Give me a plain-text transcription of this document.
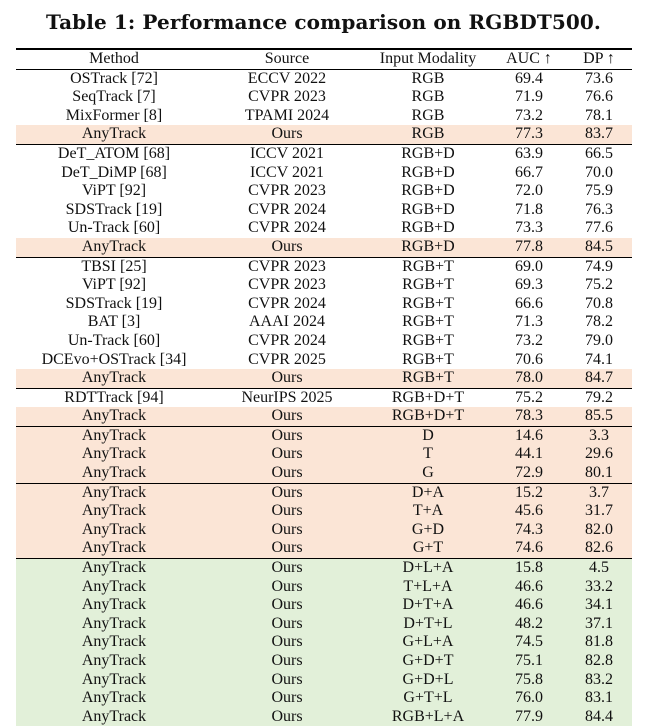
Table 1: Performance comparison on RGBDT500.
Method	Source	Input Modality	AUC ↑	DP ↑
OSTrack [72]	ECCV 2022	RGB	69.4	73.6
SeqTrack [7]	CVPR 2023	RGB	71.9	76.6
MixFormer [8]	TPAMI 2024	RGB	73.2	78.1
AnyTrack	Ours	RGB	77.3	83.7
DeT_ATOM [68]	ICCV 2021	RGB+D	63.9	66.5
DeT_DiMP [68]	ICCV 2021	RGB+D	66.7	70.0
ViPT [92]	CVPR 2023	RGB+D	72.0	75.9
SDSTrack [19]	CVPR 2024	RGB+D	71.8	76.3
Un-Track [60]	CVPR 2024	RGB+D	73.3	77.6
AnyTrack	Ours	RGB+D	77.8	84.5
TBSI [25]	CVPR 2023	RGB+T	69.0	74.9
ViPT [92]	CVPR 2023	RGB+T	69.3	75.2
SDSTrack [19]	CVPR 2024	RGB+T	66.6	70.8
BAT [3]	AAAI 2024	RGB+T	71.3	78.2
Un-Track [60]	CVPR 2024	RGB+T	73.2	79.0
DCEvo+OSTrack [34]	CVPR 2025	RGB+T	70.6	74.1
AnyTrack	Ours	RGB+T	78.0	84.7
RDTTrack [94]	NeurIPS 2025	RGB+D+T	75.2	79.2
AnyTrack	Ours	RGB+D+T	78.3	85.5
AnyTrack	Ours	D	14.6	3.3
AnyTrack	Ours	T	44.1	29.6
AnyTrack	Ours	G	72.9	80.1
AnyTrack	Ours	D+A	15.2	3.7
AnyTrack	Ours	T+A	45.6	31.7
AnyTrack	Ours	G+D	74.3	82.0
AnyTrack	Ours	G+T	74.6	82.6
AnyTrack	Ours	D+L+A	15.8	4.5
AnyTrack	Ours	T+L+A	46.6	33.2
AnyTrack	Ours	D+T+A	46.6	34.1
AnyTrack	Ours	D+T+L	48.2	37.1
AnyTrack	Ours	G+L+A	74.5	81.8
AnyTrack	Ours	G+D+T	75.1	82.8
AnyTrack	Ours	G+D+L	75.8	83.2
AnyTrack	Ours	G+T+L	76.0	83.1
AnyTrack	Ours	RGB+L+A	77.9	84.4
